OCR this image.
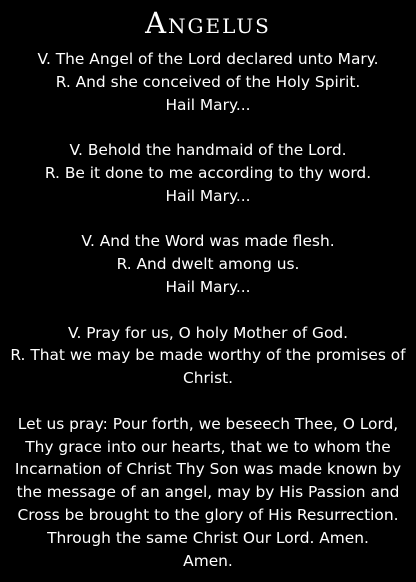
Angelus
V. The Angel of the Lord declared unto Mary.
R. And she conceived of the Holy Spirit.
Hail Mary...
V. Behold the handmaid of the Lord.
R. Be it done to me according to thy word.
Hail Mary...
V. And the Word was made flesh.
R. And dwelt among us.
Hail Mary...
V. Pray for us, O holy Mother of God.
R. That we may be made worthy of the promises of Christ.
Let us pray: Pour forth, we beseech Thee, O Lord, Thy grace into our hearts, that we to whom the Incarnation of Christ Thy Son was made known by the message of an angel, may by His Passion and Cross be brought to the glory of His Resurrection. Through the same Christ Our Lord. Amen.
Amen.
